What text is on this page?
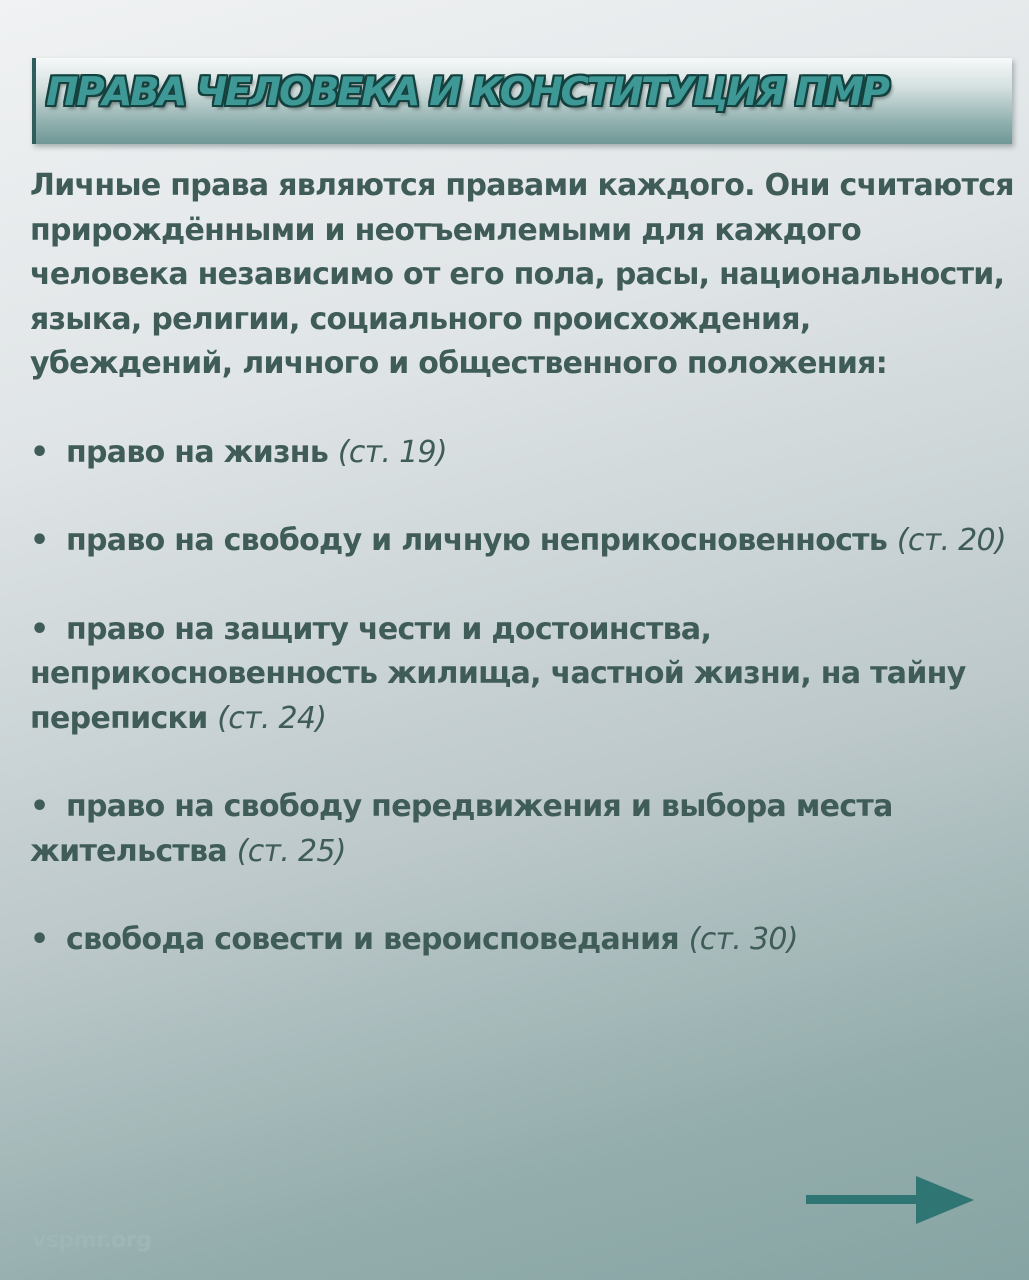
ПРАВА ЧЕЛОВЕКА И КОНСТИТУЦИЯ ПМР

Личные права являются правами каждого. Они считаются прирождёнными и неотъемлемыми для каждого человека независимо от его пола, расы, национальности, языка, религии, социального происхождения, убеждений, личного и общественного положения:

• право на жизнь (ст. 19)

• право на свободу и личную неприкосновенность (ст. 20)

• право на защиту чести и достоинства, неприкосновенность жилища, частной жизни, на тайну переписки (ст. 24)

• право на свободу передвижения и выбора места жительства (ст. 25)

• свобода совести и вероисповедания (ст. 30)

vspmr.org
